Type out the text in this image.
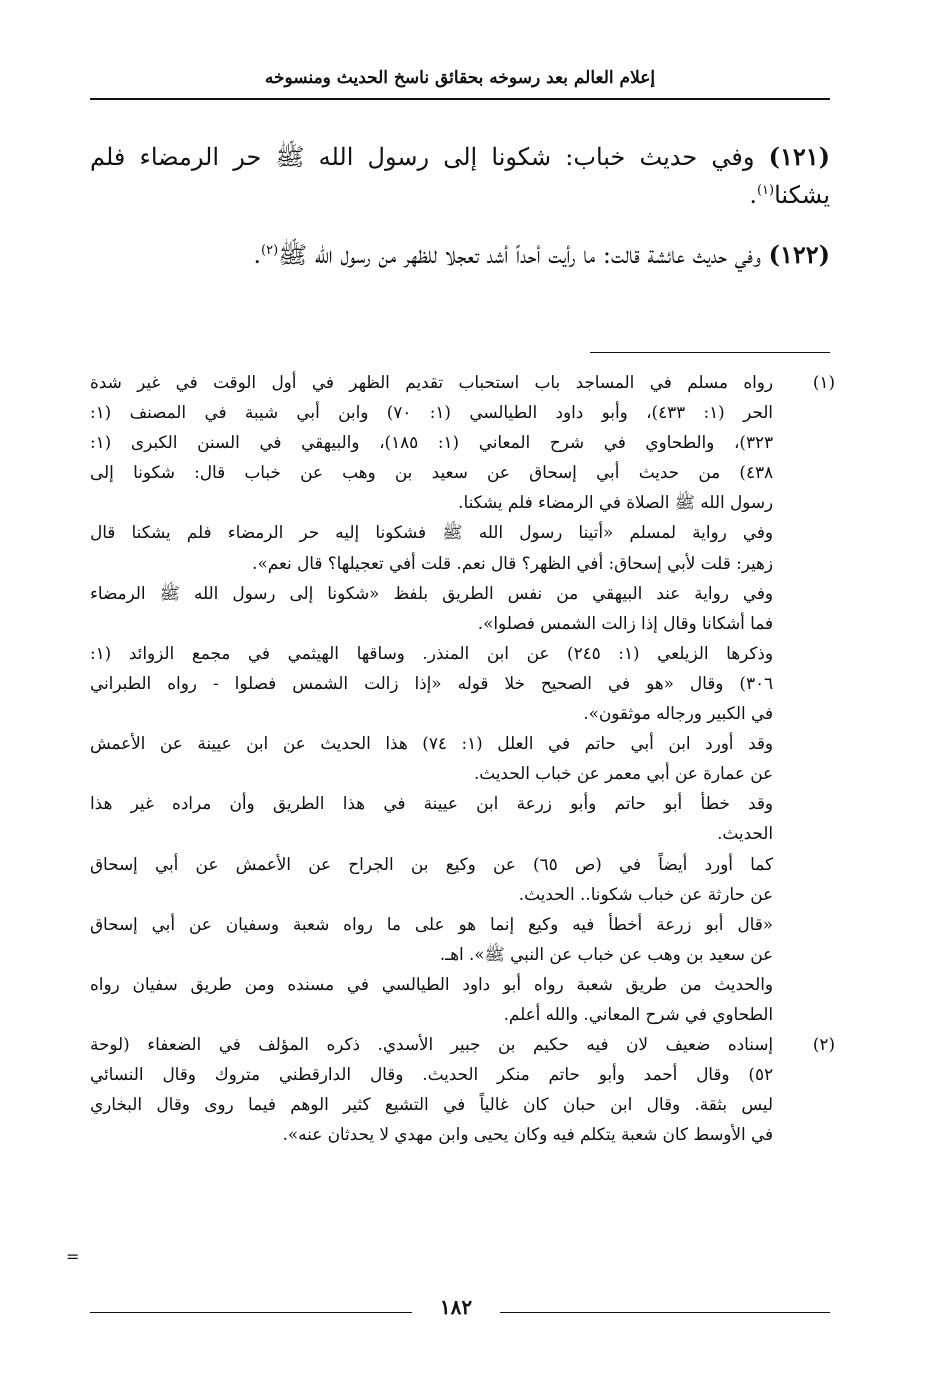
إعلام العالم بعد رسوخه بحقائق ناسخ الحديث ومنسوخه

(١٢١) وفي حديث خباب: شكونا إلى رسول الله ﷺ حر الرمضاء فلم يشكنا$^{(١)}$.

(١٢٢) وفي حديث عائشة قالت: ما رأيت أحداً أشد تعجلا للظهر من رسول الله ﷺ$^{(٢)}$.

(١)
رواه مسلم في المساجد باب استحباب تقديم الظهر في أول الوقت في غير شدة
الحر (١: ٤٣٣)، وأبو داود الطيالسي (١: ٧٠) وابن أبي شيبة في المصنف (١:
٣٢٣)، والطحاوي في شرح المعاني (١: ١٨٥)، والبيهقي في السنن الكبرى (١:
٤٣٨) من حديث أبي إسحاق عن سعيد بن وهب عن خباب قال: شكونا إلى
رسول الله ﷺ الصلاة في الرمضاء فلم يشكنا.
وفي رواية لمسلم «أتينا رسول الله ﷺ فشكونا إليه حر الرمضاء فلم يشكنا قال
زهير: قلت لأبي إسحاق: أفي الظهر؟ قال نعم. قلت أفي تعجيلها؟ قال نعم».
وفي رواية عند البيهقي من نفس الطريق بلفظ «شكونا إلى رسول الله ﷺ الرمضاء
فما أشكانا وقال إذا زالت الشمس فصلوا».
وذكرها الزيلعي (١: ٢٤٥) عن ابن المنذر. وساقها الهيثمي في مجمع الزوائد (١:
٣٠٦) وقال «هو في الصحيح خلا قوله «إذا زالت الشمس فصلوا - رواه الطبراني
في الكبير ورجاله موثقون».
وقد أورد ابن أبي حاتم في العلل (١: ٧٤) هذا الحديث عن ابن عيينة عن الأعمش
عن عمارة عن أبي معمر عن خباب الحديث.
وقد خطأ أبو حاتم وأبو زرعة ابن عيينة في هذا الطريق وأن مراده غير هذا
الحديث.
كما أورد أيضاً في (ص ٦٥) عن وكيع بن الجراح عن الأعمش عن أبي إسحاق
عن حارثة عن خباب شكونا.. الحديث.
«قال أبو زرعة أخطأ فيه وكيع إنما هو على ما رواه شعبة وسفيان عن أبي إسحاق
عن سعيد بن وهب عن خباب عن النبي ﷺ». اهـ.
والحديث من طريق شعبة رواه أبو داود الطيالسي في مسنده ومن طريق سفيان رواه
الطحاوي في شرح المعاني. والله أعلم.
(٢)
إسناده ضعيف لان فيه حكيم بن جبير الأسدي. ذكره المؤلف في الضعفاء (لوحة
٥٢) وقال أحمد وأبو حاتم منكر الحديث. وقال الدارقطني متروك وقال النسائي
ليس بثقة. وقال ابن حبان كان غالياً في التشيع كثير الوهم فيما روى وقال البخاري
في الأوسط كان شعبة يتكلم فيه وكان يحيى وابن مهدي لا يحدثان عنه».
=
١٨٢
